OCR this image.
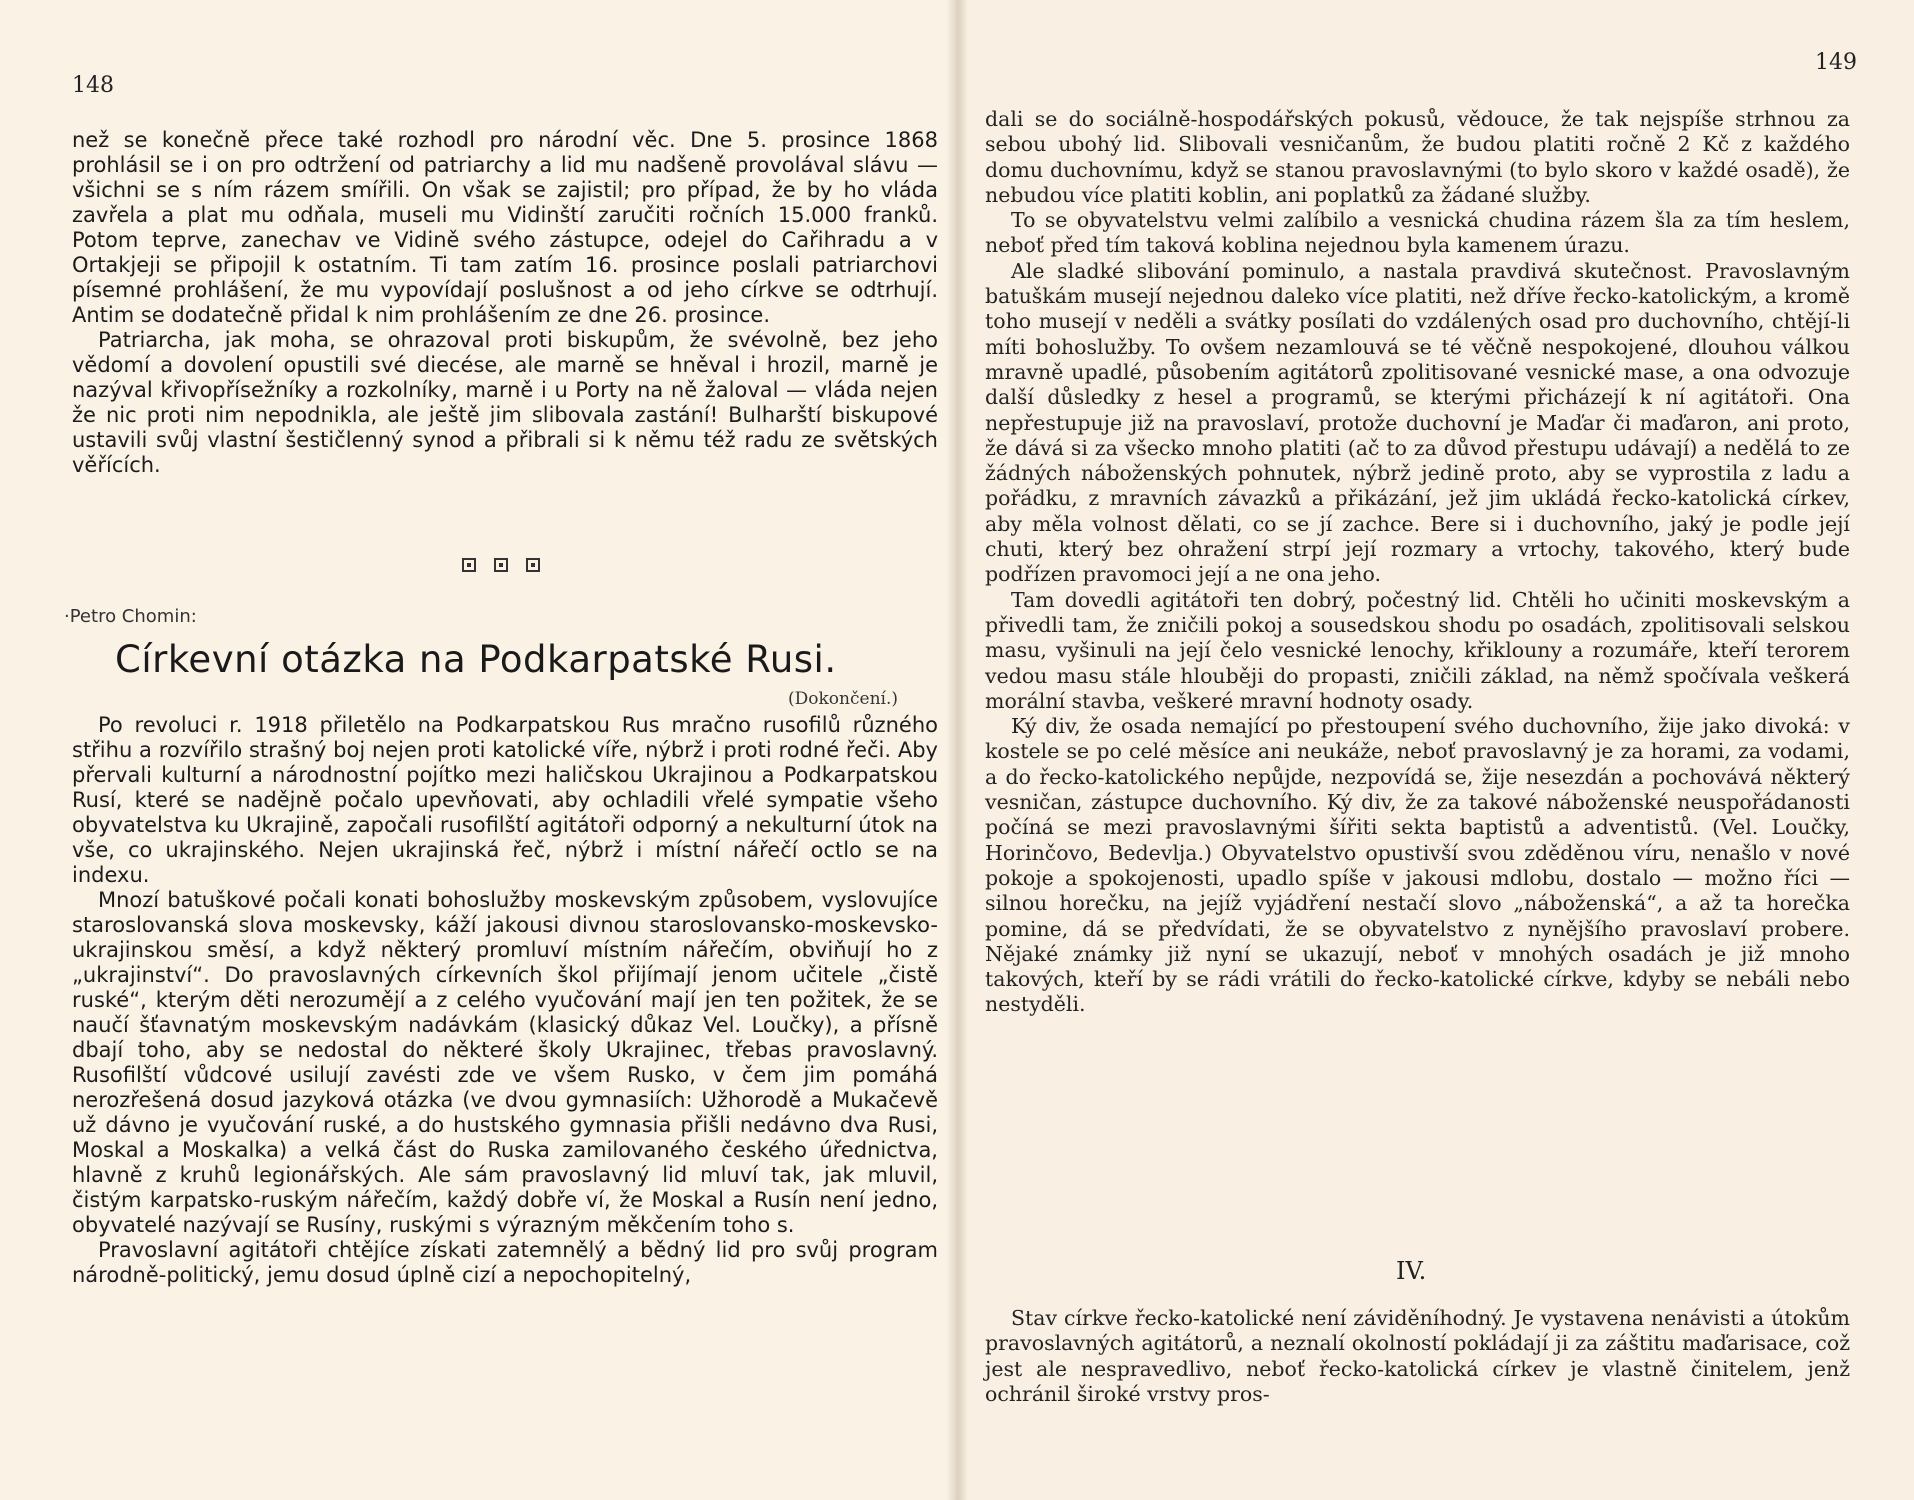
148
149

než se konečně přece také rozhodl pro národní věc. Dne 5. prosince 1868 prohlásil se i on pro odtržení od patriarchy a lid mu nadšeně provolával slávu — všichni se s ním rázem smířili. On však se zajistil; pro případ, že by ho vláda zavřela a plat mu odňala, museli mu Vidinští zaručiti ročních 15.000 franků. Potom teprve, zanechav ve Vidině svého zástupce, odejel do Cařihradu a v Ortakjeji se připojil k ostatním. Ti tam zatím 16. prosince poslali patriarchovi písemné prohlášení, že mu vypovídají poslušnost a od jeho církve se odtrhují. Antim se dodatečně přidal k nim prohlášením ze dne 26. prosince.

Patriarcha, jak moha, se ohrazoval proti biskupům, že svévolně, bez jeho vědomí a dovolení opustili své diecése, ale marně se hněval i hrozil, marně je nazýval křivopřísežníky a rozkolníky, marně i u Porty na ně žaloval — vláda nejen že nic proti nim nepodnikla, ale ještě jim slibovala zastání! Bulharští biskupové ustavili svůj vlastní šestičlenný synod a přibrali si k němu též radu ze světských věřících.

·Petro Chomin:
Církevní otázka na Podkarpatské Rusi.
(Dokončení.)

Po revoluci r. 1918 přiletělo na Podkarpatskou Rus mračno rusofilů různého střihu a rozvířilo strašný boj nejen proti katolické víře, nýbrž i proti rodné řeči. Aby přervali kulturní a národnostní pojítko mezi haličskou Ukrajinou a Podkarpatskou Rusí, které se nadějně počalo upevňovati, aby ochladili vřelé sympatie všeho obyvatelstva ku Ukrajině, započali rusofilští agitátoři odporný a nekulturní útok na vše, co ukrajinského. Nejen ukrajinská řeč, nýbrž i místní nářečí octlo se na indexu.

Mnozí batuškové počali konati bohoslužby moskevským způsobem, vyslovujíce staroslovanská slova moskevsky, káží jakousi divnou staroslovansko-moskevsko-ukrajinskou směsí, a když některý promluví místním nářečím, obviňují ho z „ukrajinství“. Do pravoslavných církevních škol přijímají jenom učitele „čistě ruské“, kterým děti nerozumějí a z celého vyučování mají jen ten požitek, že se naučí šťavnatým moskevským nadávkám (klasický důkaz Vel. Loučky), a přísně dbají toho, aby se nedostal do některé školy Ukrajinec, třebas pravoslavný. Rusofilští vůdcové usilují zavésti zde ve všem Rusko, v čem jim pomáhá nerozřešená dosud jazyková otázka (ve dvou gymnasiích: Užhorodě a Mukačevě už dávno je vyučování ruské, a do hustského gymnasia přišli nedávno dva Rusi, Moskal a Moskalka) a velká část do Ruska zamilovaného českého úřednictva, hlavně z kruhů legionářských. Ale sám pravoslavný lid mluví tak, jak mluvil, čistým karpatsko-ruským nářečím, každý dobře ví, že Moskal a Rusín není jedno, obyvatelé nazývají se Rusíny, ruskými s výrazným měkčením toho s.

Pravoslavní agitátoři chtějíce získati zatemnělý a bědný lid pro svůj program národně-politický, jemu dosud úplně cizí a nepochopitelný,

dali se do sociálně-hospodářských pokusů, vědouce, že tak nejspíše strhnou za sebou ubohý lid. Slibovali vesničanům, že budou platiti ročně 2 Kč z každého domu duchovnímu, když se stanou pravoslavnými (to bylo skoro v každé osadě), že nebudou více platiti koblin, ani poplatků za žádané služby.

To se obyvatelstvu velmi zalíbilo a vesnická chudina rázem šla za tím heslem, neboť před tím taková koblina nejednou byla kamenem úrazu.

Ale sladké slibování pominulo, a nastala pravdivá skutečnost. Pravoslavným batuškám musejí nejednou daleko více platiti, než dříve řecko-katolickým, a kromě toho musejí v neděli a svátky posílati do vzdálených osad pro duchovního, chtějí-li míti bohoslužby. To ovšem nezamlouvá se té věčně nespokojené, dlouhou válkou mravně upadlé, působením agitátorů zpolitisované vesnické mase, a ona odvozuje další důsledky z hesel a programů, se kterými přicházejí k ní agitátoři. Ona nepřestupuje již na pravoslaví, protože duchovní je Maďar či maďaron, ani proto, že dává si za všecko mnoho platiti (ač to za důvod přestupu udávají) a nedělá to ze žádných náboženských pohnutek, nýbrž jedině proto, aby se vyprostila z ladu a pořádku, z mravních závazků a přikázání, jež jim ukládá řecko-katolická církev, aby měla volnost dělati, co se jí zachce. Bere si i duchovního, jaký je podle její chuti, který bez ohražení strpí její rozmary a vrtochy, takového, který bude podřízen pravomoci její a ne ona jeho.

Tam dovedli agitátoři ten dobrý, počestný lid. Chtěli ho učiniti moskevským a přivedli tam, že zničili pokoj a sousedskou shodu po osadách, zpolitisovali selskou masu, vyšinuli na její čelo vesnické lenochy, křiklouny a rozumáře, kteří terorem vedou masu stále hlouběji do propasti, zničili základ, na němž spočívala veškerá morální stavba, veškeré mravní hodnoty osady.

Ký div, že osada nemající po přestoupení svého duchovního, žije jako divoká: v kostele se po celé měsíce ani neukáže, neboť pravoslavný je za horami, za vodami, a do řecko-katolického nepůjde, nezpovídá se, žije nesezdán a pochovává některý vesničan, zástupce duchovního. Ký div, že za takové náboženské neuspořádanosti počíná se mezi pravoslavnými šířiti sekta baptistů a adventistů. (Vel. Loučky, Horinčovo, Bedevlja.) Obyvatelstvo opustivší svou zděděnou víru, nenašlo v nové pokoje a spokojenosti, upadlo spíše v jakousi mdlobu, dostalo — možno říci — silnou horečku, na jejíž vyjádření nestačí slovo „náboženská“, a až ta horečka pomine, dá se předvídati, že se obyvatelstvo z nynějšího pravoslaví probere. Nějaké známky již nyní se ukazují, neboť v mnohých osadách je již mnoho takových, kteří by se rádi vrátili do řecko-katolické církve, kdyby se nebáli nebo nestyděli.

IV.

Stav církve řecko-katolické není záviděníhodný. Je vystavena nenávisti a útokům pravoslavných agitátorů, a neznalí okolností pokládají ji za záštitu maďarisace, což jest ale nespravedlivo, neboť řecko-katolická církev je vlastně činitelem, jenž ochránil široké vrstvy pros-
